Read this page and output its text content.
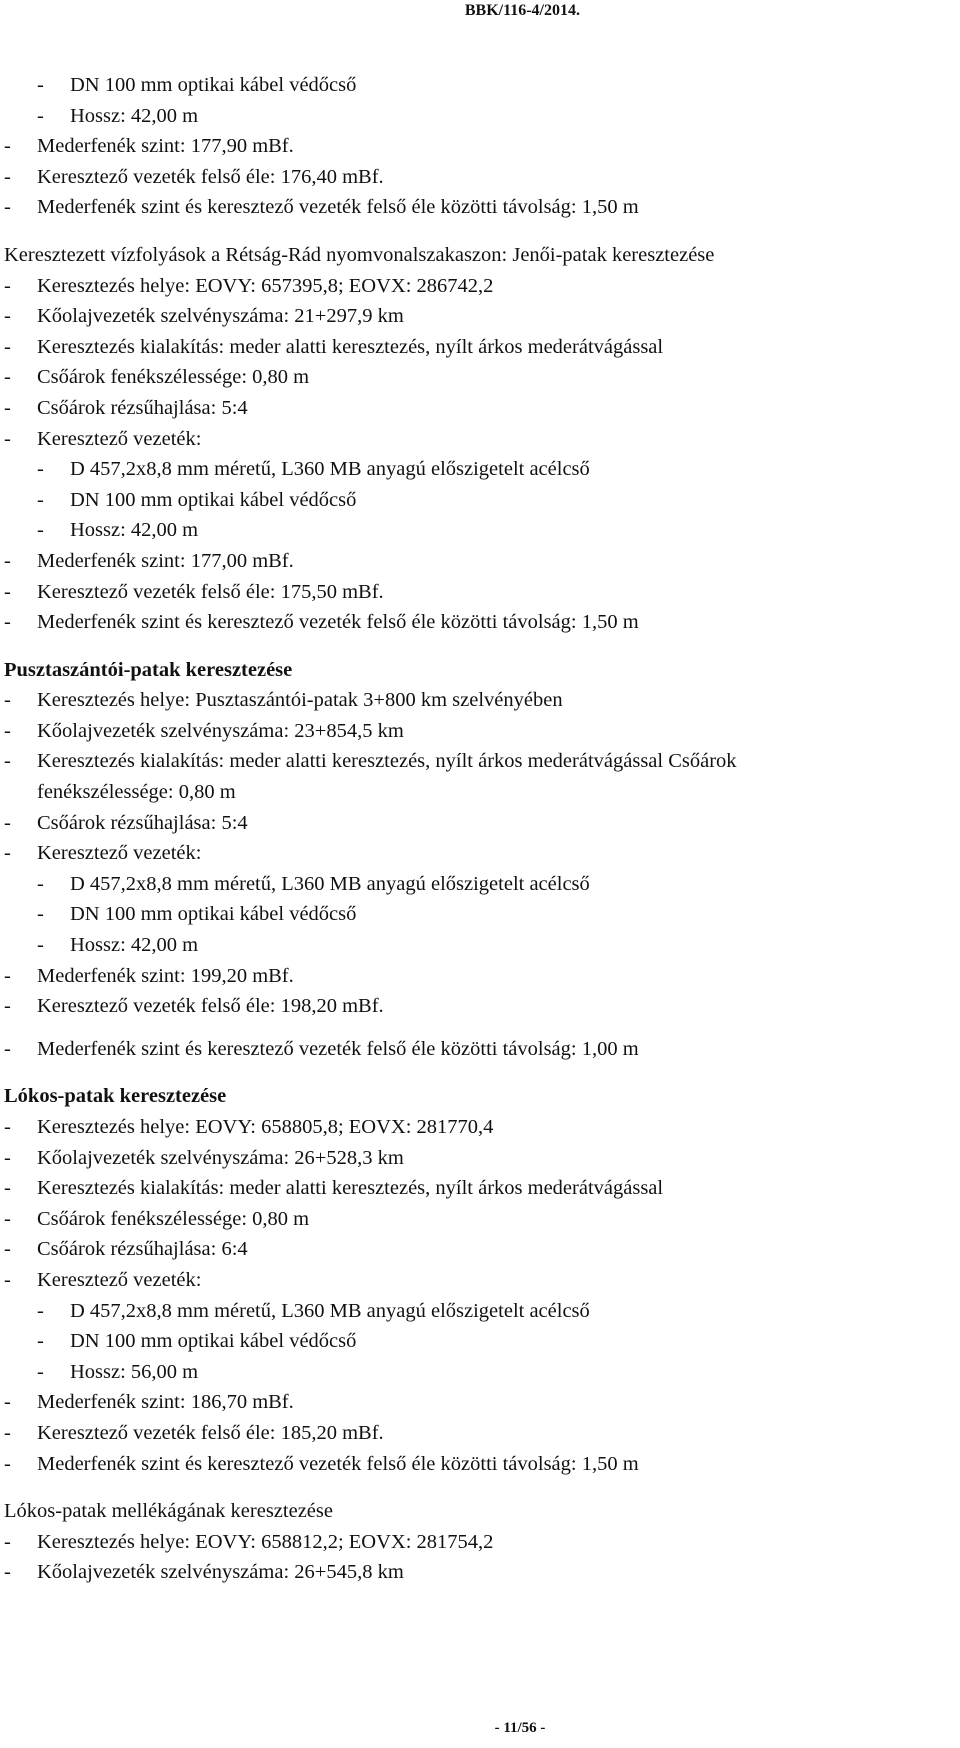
BBK/116-4/2014.
- DN 100 mm optikai kábel védőcső
- Hossz: 42,00 m
- Mederfenék szint: 177,90 mBf.
- Keresztező vezeték felső éle: 176,40 mBf.
- Mederfenék szint és keresztező vezeték felső éle közötti távolság: 1,50 m
Keresztezett vízfolyások a Rétság-Rád nyomvonalszakaszon: Jenői-patak keresztezése
- Keresztezés helye: EOVY: 657395,8; EOVX: 286742,2
- Kőolajvezeték szelvényszáma: 21+297,9 km
- Keresztezés kialakítás: meder alatti keresztezés, nyílt árkos mederátvágással
- Csőárok fenékszélessége: 0,80 m
- Csőárok rézsűhajlása: 5:4
- Keresztező vezeték:
- D 457,2x8,8 mm méretű, L360 MB anyagú előszigetelt acélcső
- DN 100 mm optikai kábel védőcső
- Hossz: 42,00 m
- Mederfenék szint: 177,00 mBf.
- Keresztező vezeték felső éle: 175,50 mBf.
- Mederfenék szint és keresztező vezeték felső éle közötti távolság: 1,50 m
Pusztaszántói-patak keresztezése
- Keresztezés helye: Pusztaszántói-patak 3+800 km szelvényében
- Kőolajvezeték szelvényszáma: 23+854,5 km
- Keresztezés kialakítás: meder alatti keresztezés, nyílt árkos mederátvágással Csőárok
fenékszélessége: 0,80 m
- Csőárok rézsűhajlása: 5:4
- Keresztező vezeték:
- D 457,2x8,8 mm méretű, L360 MB anyagú előszigetelt acélcső
- DN 100 mm optikai kábel védőcső
- Hossz: 42,00 m
- Mederfenék szint: 199,20 mBf.
- Keresztező vezeték felső éle: 198,20 mBf.
- Mederfenék szint és keresztező vezeték felső éle közötti távolság: 1,00 m
Lókos-patak keresztezése
- Keresztezés helye: EOVY: 658805,8; EOVX: 281770,4
- Kőolajvezeték szelvényszáma: 26+528,3 km
- Keresztezés kialakítás: meder alatti keresztezés, nyílt árkos mederátvágással
- Csőárok fenékszélessége: 0,80 m
- Csőárok rézsűhajlása: 6:4
- Keresztező vezeték:
- D 457,2x8,8 mm méretű, L360 MB anyagú előszigetelt acélcső
- DN 100 mm optikai kábel védőcső
- Hossz: 56,00 m
- Mederfenék szint: 186,70 mBf.
- Keresztező vezeték felső éle: 185,20 mBf.
- Mederfenék szint és keresztező vezeték felső éle közötti távolság: 1,50 m
Lókos-patak mellékágának keresztezése
- Keresztezés helye: EOVY: 658812,2; EOVX: 281754,2
- Kőolajvezeték szelvényszáma: 26+545,8 km
- 11/56 -
